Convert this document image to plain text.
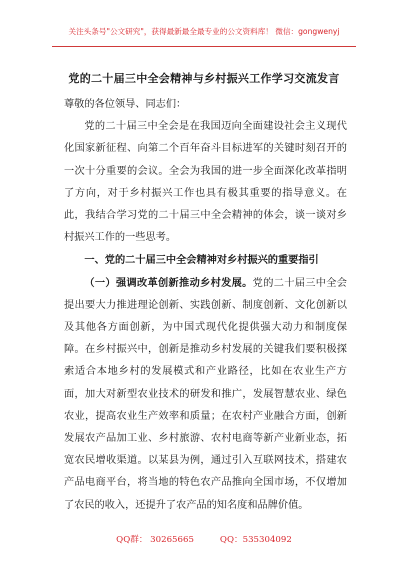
关注头条号"公文研究"，获得最新最全最专业的公文资料库！ 微信：gongwenyj
党的二十届三中全会精神与乡村振兴工作学习交流发言

尊敬的各位领导、同志们：

党的二十届三中全会是在我国迈向全面建设社会主义现代化国家新征程、向第二个百年奋斗目标进军的关键时刻召开的一次十分重要的会议。全会为我国的进一步全面深化改革指明了方向，对于乡村振兴工作也具有极其重要的指导意义。在此，我结合学习党的二十届三中全会精神的体会，谈一谈对乡村振兴工作的一些思考。

一、党的二十届三中全会精神对乡村振兴的重要指引

（一）强调改革创新推动乡村发展。党的二十届三中全会提出要大力推进理论创新、实践创新、制度创新、文化创新以及其他各方面创新，为中国式现代化提供强大动力和制度保障。在乡村振兴中，创新是推动乡村发展的关键我们要积极探索适合本地乡村的发展模式和产业路径，比如在农业生产方面，加大对新型农业技术的研发和推广，发展智慧农业、绿色农业，提高农业生产效率和质量；在农村产业融合方面，创新发展农产品加工业、乡村旅游、农村电商等新产业新业态，拓宽农民增收渠道。以某县为例，通过引入互联网技术，搭建农产品电商平台，将当地的特色农产品推向全国市场，不仅增加了农民的收入，还提升了农产品的知名度和品牌价值。

QQ群： 30265665	QQ：535304092
